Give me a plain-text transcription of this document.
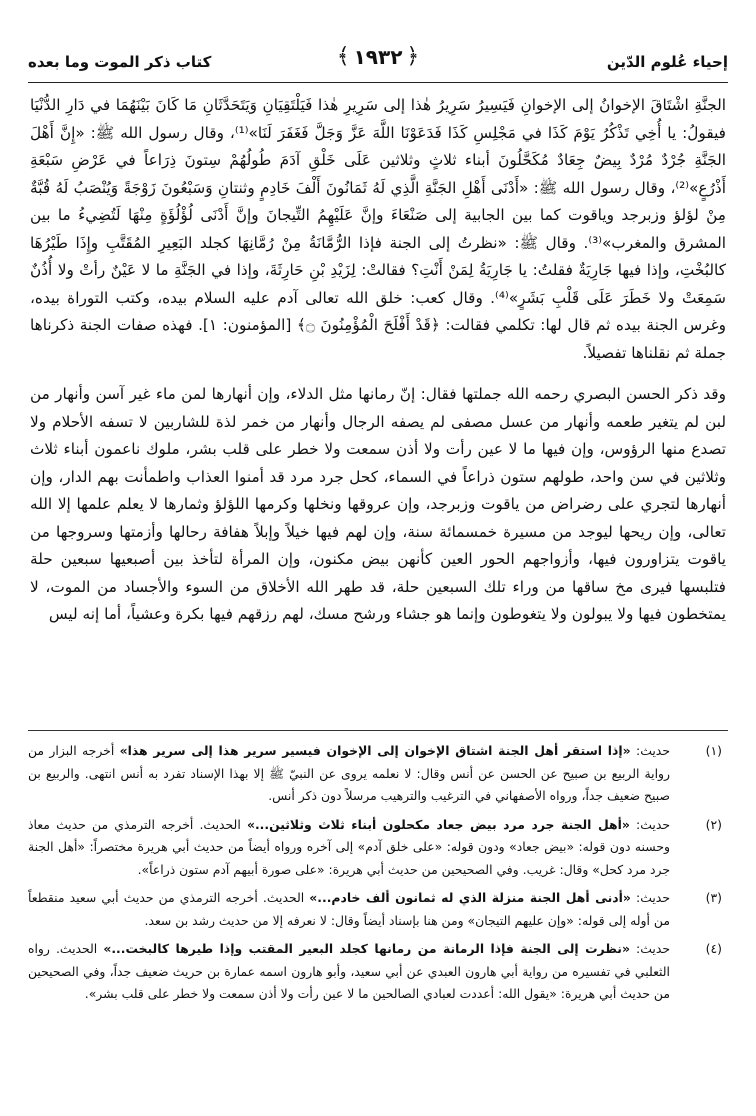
إحياء عُلوم الدّين
﴾ ١٩٣٢ ﴿
كتاب ذكر الموت وما بعده

الجنَّةِ اشْتَاقَ الإخوانُ إلى الإخوانِ فَيَسِيرُ سَرِيرُ هٰذا إلى سَرِيرِ هٰذا فَيَلْتَقِيَانِ وَيَتَحَدَّثَانِ مَا كَانَ بَيْنَهُمَا في دَارِ الدُّنْيَا فيقولُ: يا أُخِي تَذْكُرُ يَوْمَ كَذَا في مَجْلِسِ كَذَا فَدَعَوْنَا اللَّهَ عَزَّ وَجَلَّ فَغَفَرَ لَنَا»⁽¹⁾، وقال رسول الله ﷺ: «إِنَّ أَهْلَ الجَنَّةِ جُرْدٌ مُرْدٌ بِيضٌ جِعَادٌ مُكَحَّلُونَ أبناء ثلاثٍ وثلاثين عَلَى خَلْقِ آدَمَ طُولُهُمْ سِتونَ ذِرَاعاً في عَرْضِ سَبْعَةِ أَذْرُعٍ»⁽²⁾، وقال رسول الله ﷺ: «أَدْنَى أَهْلِ الجَنَّةِ الَّذِي لَهُ ثَمَانُونَ أَلْفَ خَادِمٍ وثنتانِ وَسَبْعُونَ زَوْجَةً وَيُنْصَبُ لَهُ قُبَّةٌ مِنْ لؤلؤ وزبرجد وياقوت كما بين الجابية إلى صَنْعَاءَ وإنَّ عَلَيْهِمُ التِّيجانَ وإنَّ أَدْنَى لُؤْلُؤَةٍ مِنْهَا لَتُضِيءُ ما بين المشرق والمغرب»⁽³⁾. وقال ﷺ: «نظرتُ إلى الجنة فإذا الرُّمَّانَةُ مِنْ رُمَّانِهَا كجلد البَعِيرِ المُقَتَّبِ وإِذَا طَيْرُهَا كالبُخْتِ، وإذا فيها جَارِيَةٌ فقلتُ: يا جَارِيَةُ لِمَنْ أَنْتِ؟ فقالتْ: لِزَيْدِ بْنِ حَارِثَةَ، وإذا في الجَنَّةِ ما لا عَيْنٌ رأتْ ولا أُذُنٌ سَمِعَتْ ولا خَطَرَ عَلَى قَلْبِ بَشَرٍ»⁽⁴⁾. وقال كعب: خلق الله تعالى آدم عليه السلام بيده، وكتب التوراة بيده، وغرس الجنة بيده ثم قال لها: تكلمي فقالت: ﴿قَدْ أَفْلَحَ الْمُؤْمِنُونَ ۝﴾ [المؤمنون: ١]. فهذه صفات الجنة ذكرناها جملة ثم نقلناها تفصيلاً.

وقد ذكر الحسن البصري رحمه الله جملتها فقال: إنّ رمانها مثل الدلاء، وإن أنهارها لمن ماء غير آسن وأنهار من لبن لم يتغير طعمه وأنهار من عسل مصفى لم يصفه الرجال وأنهار من خمر لذة للشاربين لا تسفه الأحلام ولا تصدع منها الرؤوس، وإن فيها ما لا عين رأت ولا أذن سمعت ولا خطر على قلب بشر، ملوك ناعمون أبناء ثلاث وثلاثين في سن واحد، طولهم ستون ذراعاً في السماء، كحل جرد مرد قد أمنوا العذاب واطمأنت بهم الدار، وإن أنهارها لتجري على رضراض من ياقوت وزبرجد، وإن عروقها ونخلها وكرمها اللؤلؤ وثمارها لا يعلم علمها إلا الله تعالى، وإن ريحها ليوجد من مسيرة خمسمائة سنة، وإن لهم فيها خيلاً وإبلاً هفافة رحالها وأزمتها وسروجها من ياقوت يتزاورون فيها، وأزواجهم الحور العين كأنهن بيض مكنون، وإن المرأة لتأخذ بين أصبعيها سبعين حلة فتلبسها فيرى مخ ساقها من وراء تلك السبعين حلة، قد طهر الله الأخلاق من السوء والأجساد من الموت، لا يمتخطون فيها ولا يبولون ولا يتغوطون وإنما هو جشاء ورشح مسك، لهم رزقهم فيها بكرة وعشياً، أما إنه ليس

(١)
حديث: «إذا استقر أهل الجنة اشتاق الإخوان إلى الإخوان فيسير سرير هذا إلى سرير هذا» أخرجه البزار من رواية الربيع بن صبيح عن الحسن عن أنس وقال: لا نعلمه يروى عن النبيّ ﷺ إلا بهذا الإسناد تفرد به أنس انتهى. والربيع بن صبيح ضعيف جداً، ورواه الأصفهاني في الترغيب والترهيب مرسلاً دون ذكر أنس.
(٢)
حديث: «أهل الجنة جرد مرد بيض جعاد مكحلون أبناء ثلاث وثلاثين...» الحديث. أخرجه الترمذي من حديث معاذ وحسنه دون قوله: «بيض جعاد» ودون قوله: «على خلق آدم» إلى آخره ورواه أيضاً من حديث أبي هريرة مختصراً: «أهل الجنة جرد مرد كحل» وقال: غريب. وفي الصحيحين من حديث أبي هريرة: «على صورة أبيهم آدم ستون ذراعاً».
(٣)
حديث: «أدنى أهل الجنة منزلة الذي له ثمانون ألف خادم...» الحديث. أخرجه الترمذي من حديث أبي سعيد منقطعاً من أوله إلى قوله: «وإن عليهم التيجان» ومن هنا بإسناد أيضاً وقال: لا نعرفه إلا من حديث رشد بن سعد.
(٤)
حديث: «نظرت إلى الجنة فإذا الرمانة من رمانها كجلد البعير المقتب وإذا طيرها كالبخت...» الحديث. رواه الثعلبي في تفسيره من رواية أبي هارون العبدي عن أبي سعيد، وأبو هارون اسمه عمارة بن حريث ضعيف جداً، وفي الصحيحين من حديث أبي هريرة: «يقول الله: أعددت لعبادي الصالحين ما لا عين رأت ولا أذن سمعت ولا خطر على قلب بشر».
